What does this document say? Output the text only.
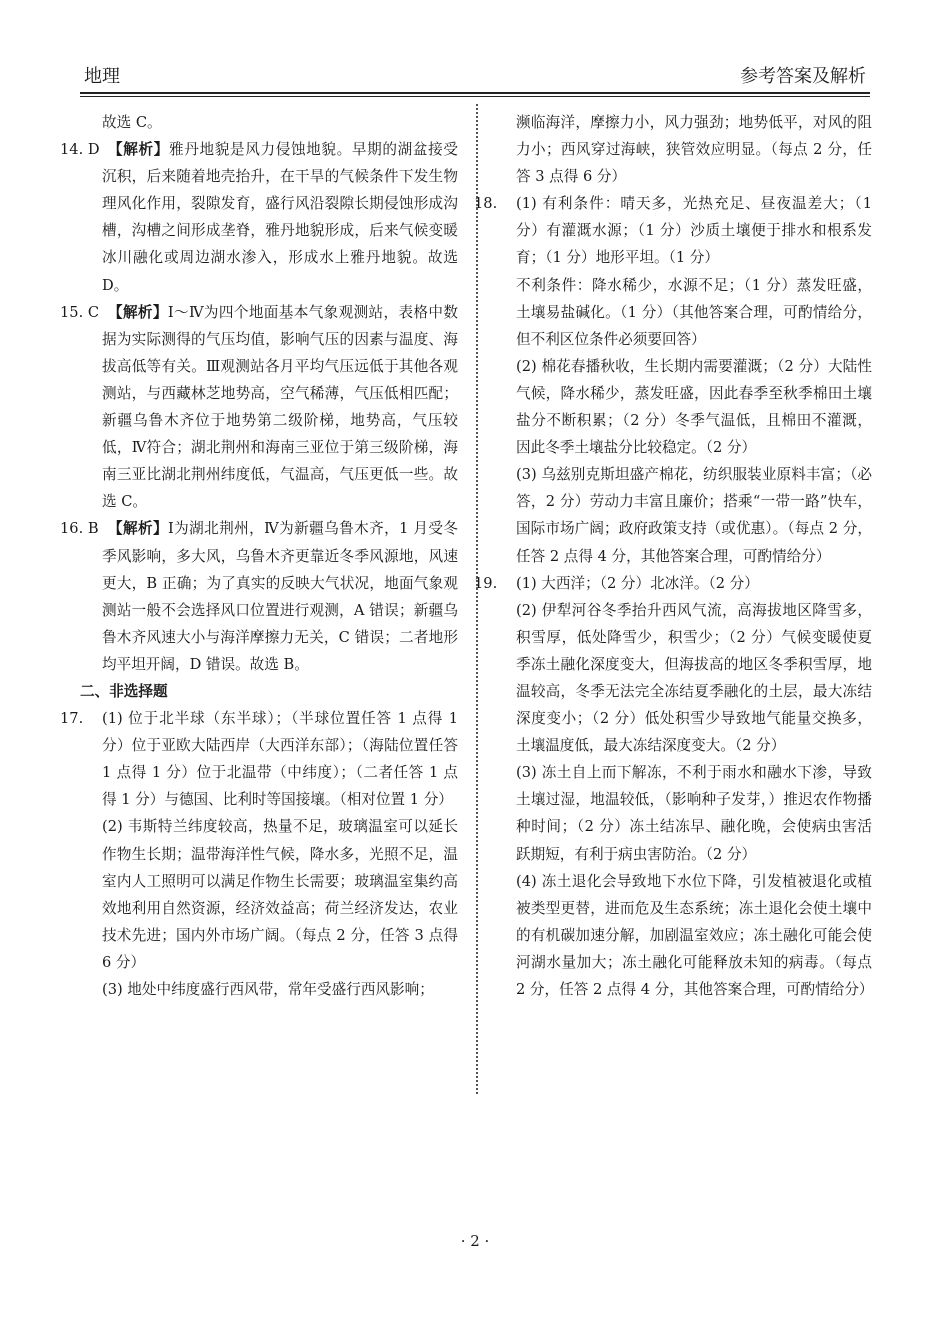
地理	参考答案及解析
故选 C。
14. D 【解析】雅丹地貌是风力侵蚀地貌。早期的湖盆接受沉积，后来随着地壳抬升，在干旱的气候条件下发生物理风化作用，裂隙发育，盛行风沿裂隙长期侵蚀形成沟槽，沟槽之间形成垄脊，雅丹地貌形成，后来气候变暖冰川融化或周边湖水渗入，形成水上雅丹地貌。故选 D。
15. C 【解析】Ⅰ～Ⅳ为四个地面基本气象观测站，表格中数据为实际测得的气压均值，影响气压的因素与温度、海拔高低等有关。Ⅲ观测站各月平均气压远低于其他各观测站，与西藏林芝地势高，空气稀薄，气压低相匹配；新疆乌鲁木齐位于地势第二级阶梯，地势高，气压较低，Ⅳ符合；湖北荆州和海南三亚位于第三级阶梯，海南三亚比湖北荆州纬度低，气温高，气压更低一些。故选 C。
16. B 【解析】Ⅰ为湖北荆州，Ⅳ为新疆乌鲁木齐，1 月受冬季风影响，多大风，乌鲁木齐更靠近冬季风源地，风速更大，B 正确；为了真实的反映大气状况，地面气象观测站一般不会选择风口位置进行观测，A 错误；新疆乌鲁木齐风速大小与海洋摩擦力无关，C 错误；二者地形均平坦开阔，D 错误。故选 B。
二、非选择题
17. (1) 位于北半球（东半球）；（半球位置任答 1 点得 1 分）位于亚欧大陆西岸（大西洋东部）；（海陆位置任答 1 点得 1 分）位于北温带（中纬度）；（二者任答 1 点得 1 分）与德国、比利时等国接壤。（相对位置 1 分）
(2) 韦斯特兰纬度较高，热量不足，玻璃温室可以延长作物生长期；温带海洋性气候，降水多，光照不足，温室内人工照明可以满足作物生长需要；玻璃温室集约高效地利用自然资源，经济效益高；荷兰经济发达，农业技术先进；国内外市场广阔。（每点 2 分，任答 3 点得 6 分）
(3) 地处中纬度盛行西风带，常年受盛行西风影响；
濒临海洋，摩擦力小，风力强劲；地势低平，对风的阻力小；西风穿过海峡，狭管效应明显。（每点 2 分，任答 3 点得 6 分）
18. (1) 有利条件：晴天多，光热充足、昼夜温差大；（1 分）有灌溉水源；（1 分）沙质土壤便于排水和根系发育；（1 分）地形平坦。（1 分）
不利条件：降水稀少，水源不足；（1 分）蒸发旺盛，土壤易盐碱化。（1 分）（其他答案合理，可酌情给分，但不利区位条件必须要回答）
(2) 棉花春播秋收，生长期内需要灌溉；（2 分）大陆性气候，降水稀少，蒸发旺盛，因此春季至秋季棉田土壤盐分不断积累；（2 分）冬季气温低，且棉田不灌溉，因此冬季土壤盐分比较稳定。（2 分）
(3) 乌兹别克斯坦盛产棉花，纺织服装业原料丰富；（必答，2 分）劳动力丰富且廉价；搭乘“一带一路”快车，国际市场广阔；政府政策支持（或优惠）。（每点 2 分，任答 2 点得 4 分，其他答案合理，可酌情给分）
19. (1) 大西洋；（2 分）北冰洋。（2 分）
(2) 伊犁河谷冬季抬升西风气流，高海拔地区降雪多，积雪厚，低处降雪少，积雪少；（2 分）气候变暖使夏季冻土融化深度变大，但海拔高的地区冬季积雪厚，地温较高，冬季无法完全冻结夏季融化的土层，最大冻结深度变小；（2 分）低处积雪少导致地气能量交换多，土壤温度低，最大冻结深度变大。（2 分）
(3) 冻土自上而下解冻，不利于雨水和融水下渗，导致土壤过湿，地温较低，（影响种子发芽，）推迟农作物播种时间；（2 分）冻土结冻早、融化晚，会使病虫害活跃期短，有利于病虫害防治。（2 分）
(4) 冻土退化会导致地下水位下降，引发植被退化或植被类型更替，进而危及生态系统；冻土退化会使土壤中的有机碳加速分解，加剧温室效应；冻土融化可能会使河湖水量加大；冻土融化可能释放未知的病毒。（每点 2 分，任答 2 点得 4 分，其他答案合理，可酌情给分）
· 2 ·
